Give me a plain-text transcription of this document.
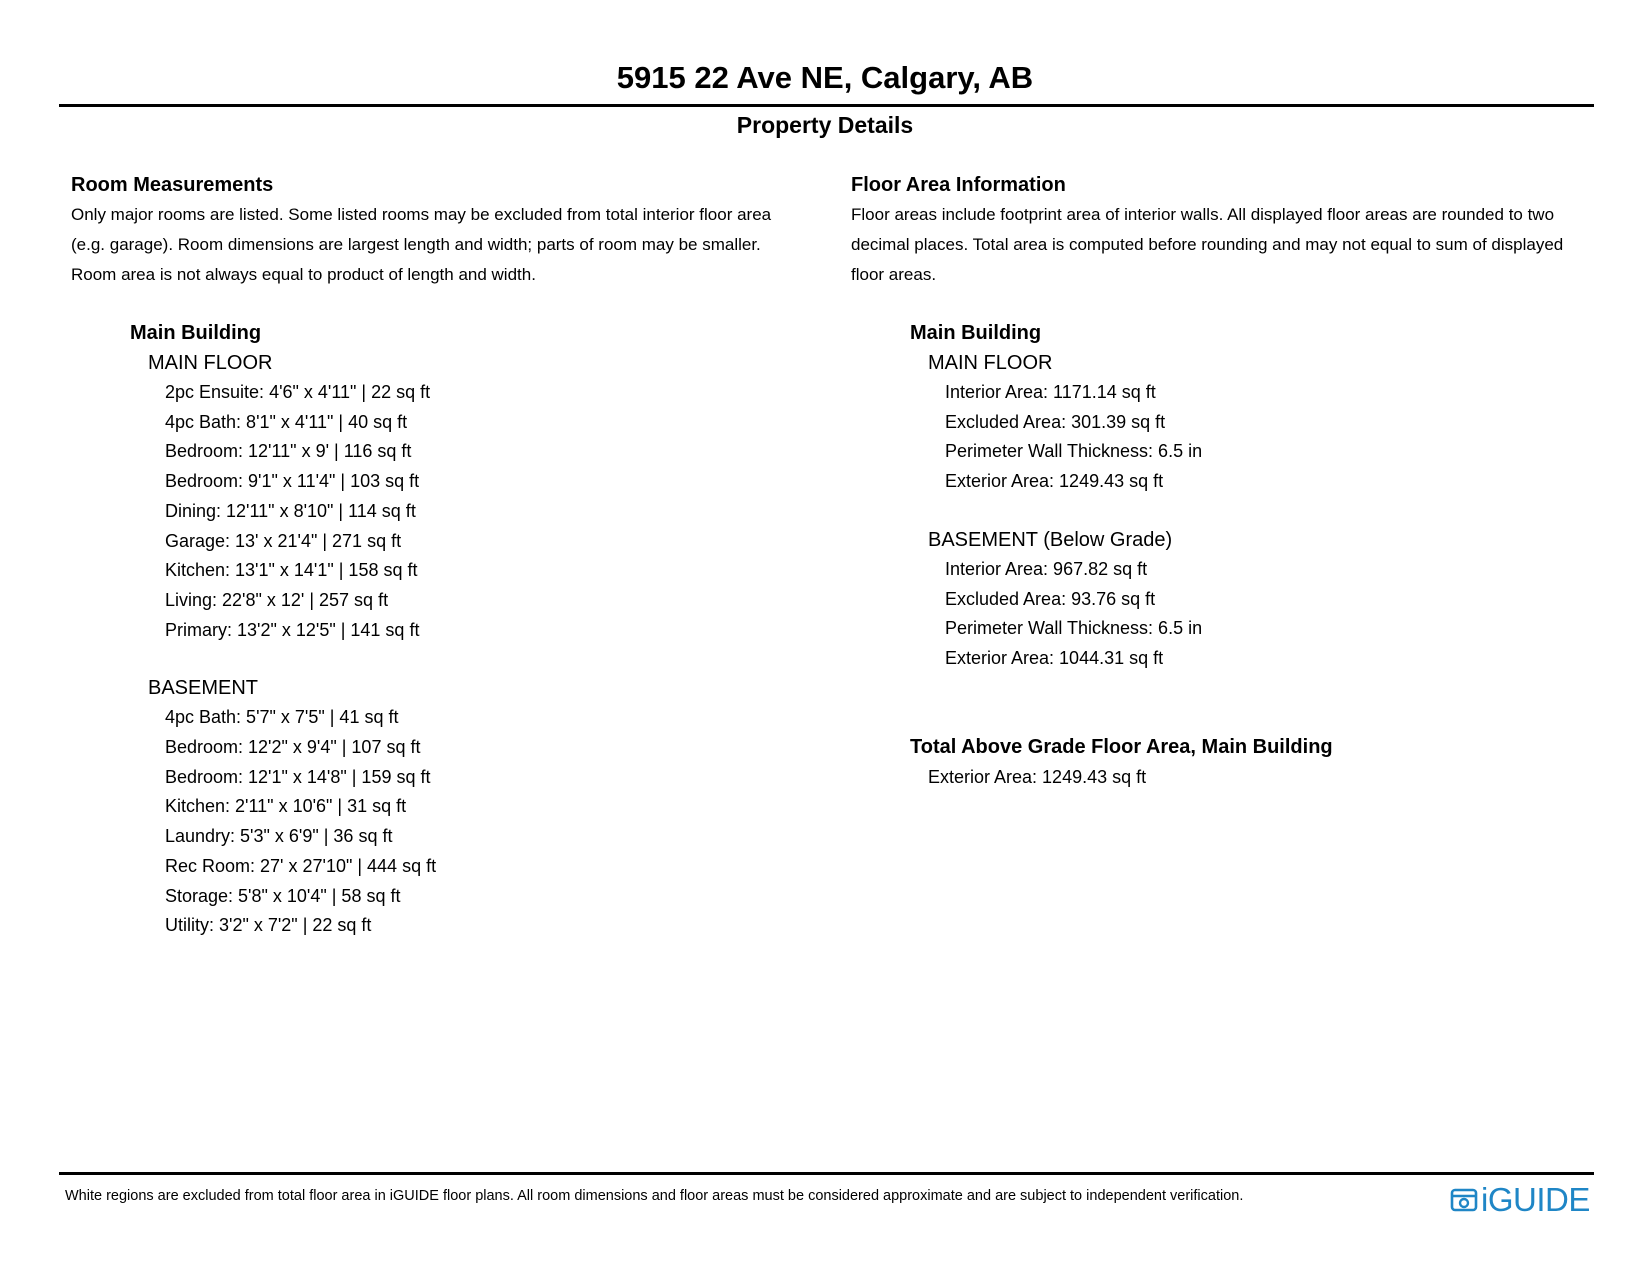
5915 22 Ave NE, Calgary, AB
Property Details
Room Measurements
Only major rooms are listed. Some listed rooms may be excluded from total interior floor area
(e.g. garage). Room dimensions are largest length and width; parts of room may be smaller.
Room area is not always equal to product of length and width.
Main Building
MAIN FLOOR
2pc Ensuite: 4'6" x 4'11" | 22 sq ft
4pc Bath: 8'1" x 4'11" | 40 sq ft
Bedroom: 12'11" x 9' | 116 sq ft
Bedroom: 9'1" x 11'4" | 103 sq ft
Dining: 12'11" x 8'10" | 114 sq ft
Garage: 13' x 21'4" | 271 sq ft
Kitchen: 13'1" x 14'1" | 158 sq ft
Living: 22'8" x 12' | 257 sq ft
Primary: 13'2" x 12'5" | 141 sq ft
BASEMENT
4pc Bath: 5'7" x 7'5" | 41 sq ft
Bedroom: 12'2" x 9'4" | 107 sq ft
Bedroom: 12'1" x 14'8" | 159 sq ft
Kitchen: 2'11" x 10'6" | 31 sq ft
Laundry: 5'3" x 6'9" | 36 sq ft
Rec Room: 27' x 27'10" | 444 sq ft
Storage: 5'8" x 10'4" | 58 sq ft
Utility: 3'2" x 7'2" | 22 sq ft
Floor Area Information
Floor areas include footprint area of interior walls. All displayed floor areas are rounded to two
decimal places. Total area is computed before rounding and may not equal to sum of displayed
floor areas.
Main Building
MAIN FLOOR
Interior Area: 1171.14 sq ft
Excluded Area: 301.39 sq ft
Perimeter Wall Thickness: 6.5 in
Exterior Area: 1249.43 sq ft
BASEMENT (Below Grade)
Interior Area: 967.82 sq ft
Excluded Area: 93.76 sq ft
Perimeter Wall Thickness: 6.5 in
Exterior Area: 1044.31 sq ft
Total Above Grade Floor Area, Main Building
Exterior Area: 1249.43 sq ft
White regions are excluded from total floor area in iGUIDE floor plans. All room dimensions and floor areas must be considered approximate and are subject to independent verification.	iGUIDE
